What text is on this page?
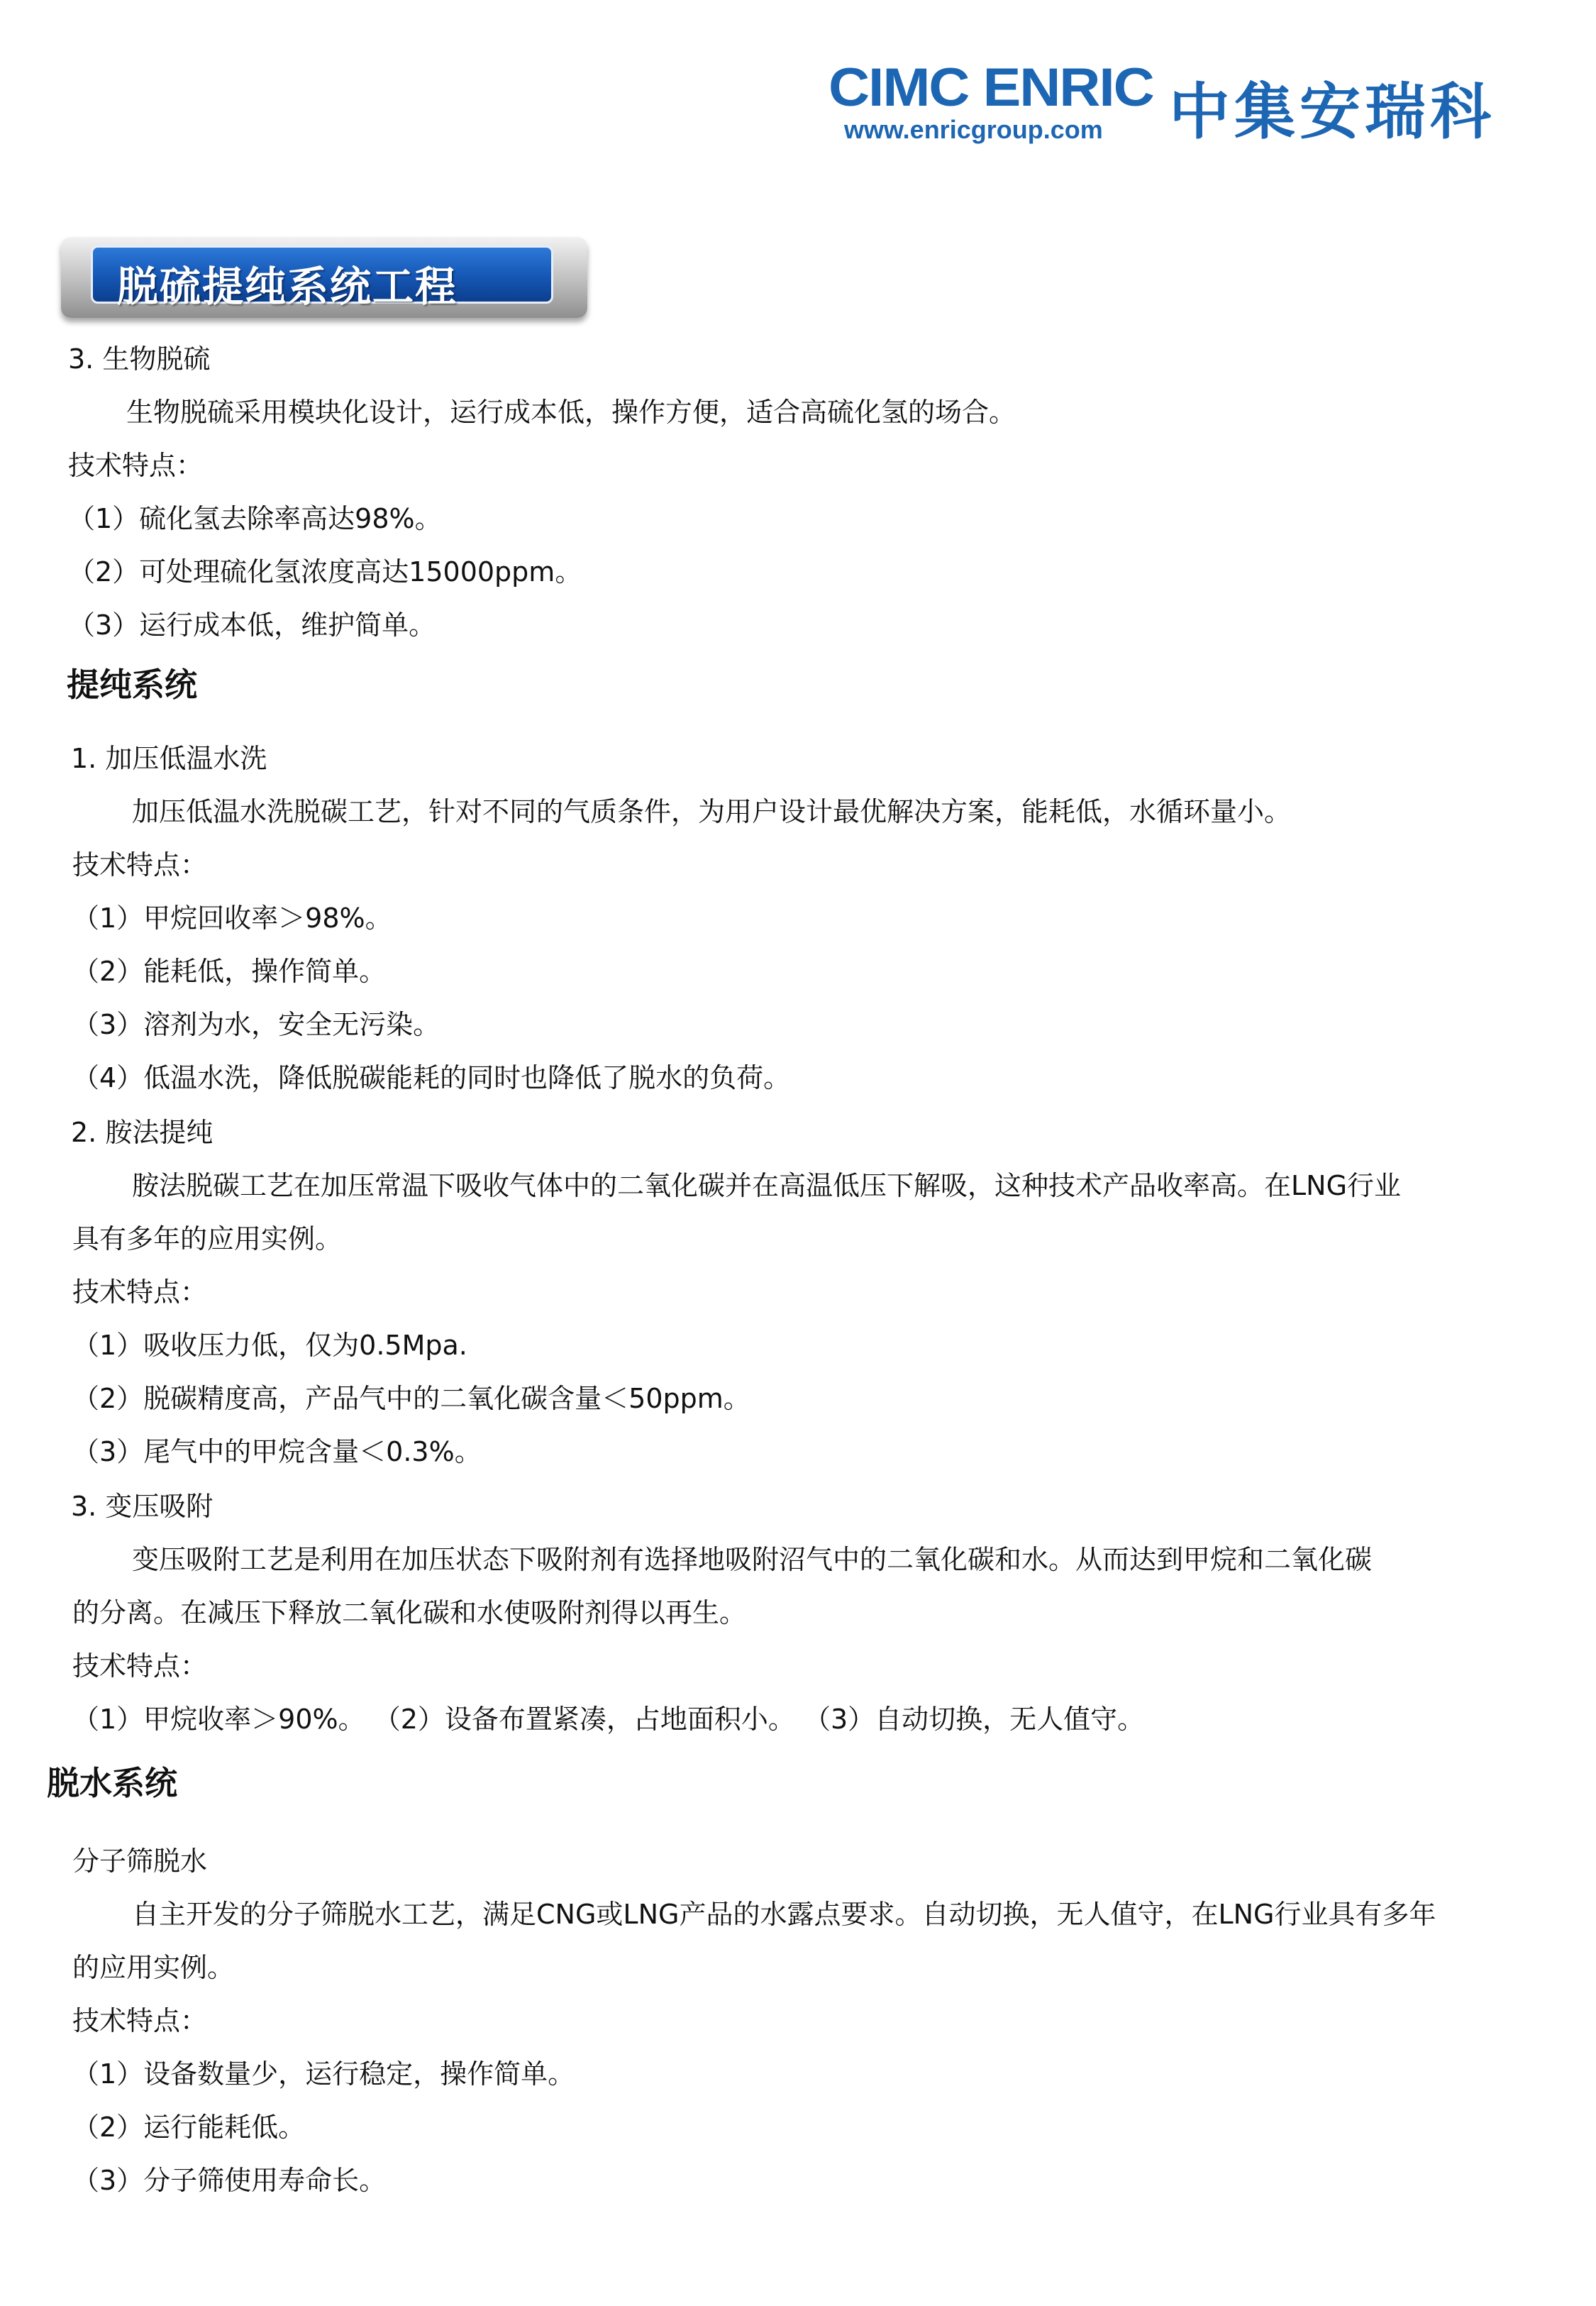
CIMC ENRIC
www.enricgroup.com 中集安瑞科
脱硫提纯系统工程
3. 生物脱硫
生物脱硫采用模块化设计，运行成本低，操作方便，适合高硫化氢的场合。
技术特点：
（1）硫化氢去除率高达98%。
（2）可处理硫化氢浓度高达15000ppm。
（3）运行成本低，维护简单。
提纯系统
1. 加压低温水洗
加压低温水洗脱碳工艺，针对不同的气质条件，为用户设计最优解决方案，能耗低，水循环量小。
技术特点：
（1）甲烷回收率＞98%。
（2）能耗低，操作简单。
（3）溶剂为水，安全无污染。
（4）低温水洗，降低脱碳能耗的同时也降低了脱水的负荷。
2. 胺法提纯
胺法脱碳工艺在加压常温下吸收气体中的二氧化碳并在高温低压下解吸，这种技术产品收率高。在LNG行业
具有多年的应用实例。
技术特点：
（1）吸收压力低，仅为0.5Mpa.
（2）脱碳精度高，产品气中的二氧化碳含量＜50ppm。
（3）尾气中的甲烷含量＜0.3%。
3. 变压吸附
变压吸附工艺是利用在加压状态下吸附剂有选择地吸附沼气中的二氧化碳和水。从而达到甲烷和二氧化碳
的分离。在减压下释放二氧化碳和水使吸附剂得以再生。
技术特点：
（1）甲烷收率＞90%。 （2）设备布置紧凑，占地面积小。 （3）自动切换，无人值守。
脱水系统
分子筛脱水
自主开发的分子筛脱水工艺，满足CNG或LNG产品的水露点要求。自动切换，无人值守，在LNG行业具有多年
的应用实例。
技术特点：
（1）设备数量少，运行稳定，操作简单。
（2）运行能耗低。
（3）分子筛使用寿命长。
